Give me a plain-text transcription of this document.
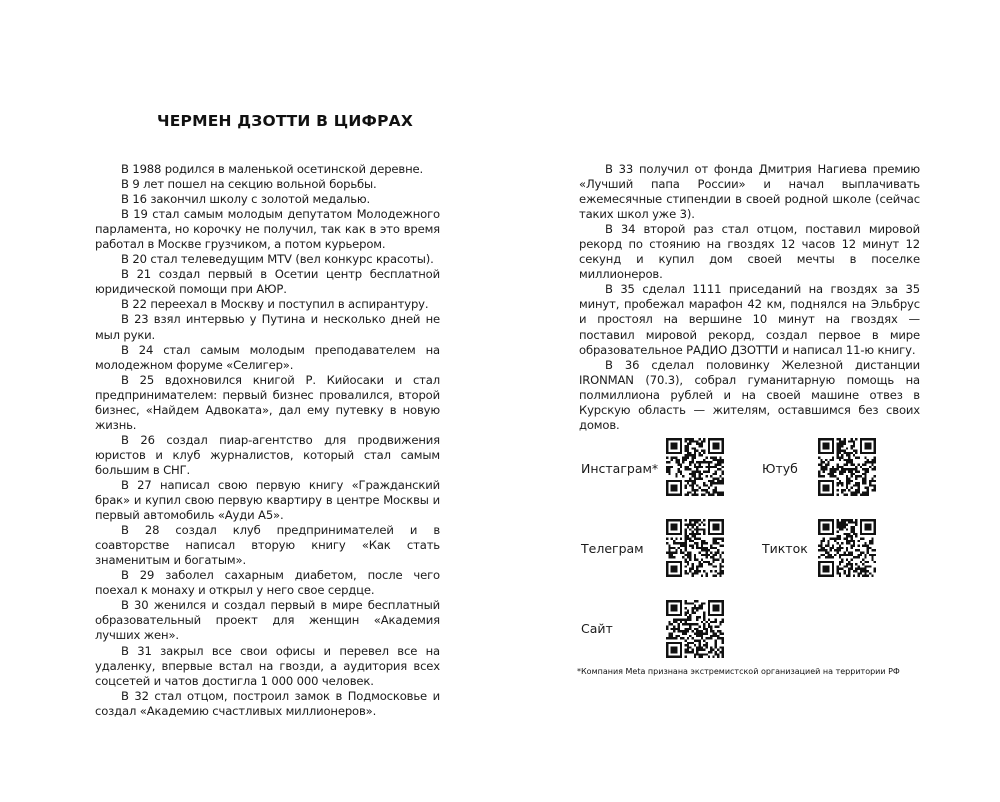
ЧЕРМЕН ДЗОТТИ В ЦИФРАХ

В 1988 родился в маленькой осетинской деревне.

В 9 лет пошел на секцию вольной борьбы.

В 16 закончил школу с золотой медалью.

В 19 стал самым молодым депутатом Молодежного парламента, но корочку не получил, так как в это время работал в Москве грузчиком, а потом курьером.

В 20 стал телеведущим MTV (вел конкурс красоты).

В 21 создал первый в Осетии центр бесплатной юридической помощи при АЮР.

В 22 переехал в Москву и поступил в аспирантуру.

В 23 взял интервью у Путина и несколько дней не мыл руки.

В 24 стал самым молодым преподавателем на молодежном форуме «Селигер».

В 25 вдохновился книгой Р. Кийосаки и стал предпринимателем: первый бизнес провалился, второй бизнес, «Найдем Адвоката», дал ему путевку в новую жизнь.

В 26 создал пиар-агентство для продвижения юристов и клуб журналистов, который стал самым большим в СНГ.

В 27 написал свою первую книгу «Гражданский брак» и купил свою первую квартиру в центре Москвы и первый автомобиль «Ауди А5».

В 28 создал клуб предпринимателей и в соавторстве написал вторую книгу «Как стать знаменитым и богатым».

В 29 заболел сахарным диабетом, после чего поехал к монаху и открыл у него свое сердце.

В 30 женился и создал первый в мире бесплатный образовательный проект для женщин «Академия лучших жен».

В 31 закрыл все свои офисы и перевел все на удаленку, впервые встал на гвозди, а аудитория всех соцсетей и чатов достигла 1 000 000 человек.

В 32 стал отцом, построил замок в Подмосковье и создал «Академию счастливых миллионеров».

В 33 получил от фонда Дмитрия Нагиева премию «Лучший папа России» и начал выплачивать ежемесячные стипендии в своей родной школе (сейчас таких школ уже 3).

В 34 второй раз стал отцом, поставил мировой рекорд по стоянию на гвоздях 12 часов 12 минут 12 секунд и купил дом своей мечты в поселке миллионеров.

В 35 сделал 1111 приседаний на гвоздях за 35 минут, пробежал марафон 42 км, поднялся на Эльбрус и простоял на вершине 10 минут на гвоздях — поставил мировой рекорд, создал первое в мире образовательное РАДИО ДЗОТТИ и написал 11-ю книгу.

В 36 сделал половинку Железной дистанции IRONMAN (70.3), собрал гуманитарную помощь на полмиллиона рублей и на своей машине отвез в Курскую область — жителям, оставшимся без своих домов.

Инстаграм*	Ютуб
Телеграм	Тикток
Сайт
*Компания Meta признана экстремистской организацией на территории РФ
